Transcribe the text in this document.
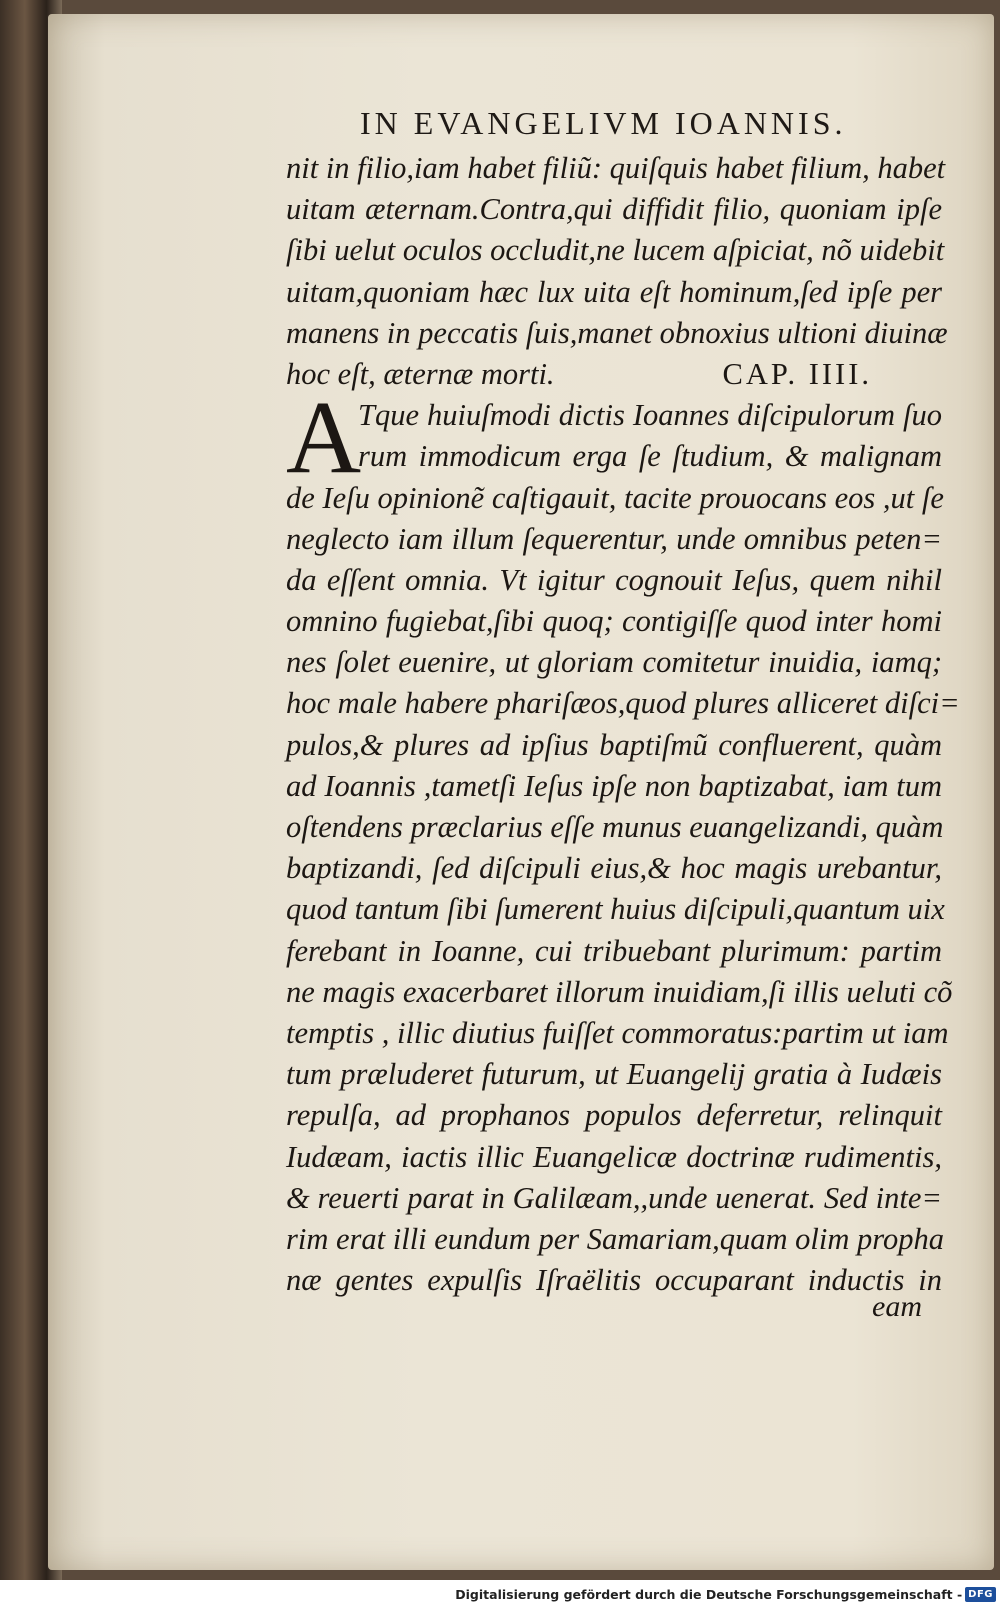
IN EVANGELIVM IOANNIS.
A
nit in filio,iam habet filiũ: quiſquis habet filium, habet
uitam æternam.Contra,qui diffidit filio, quoniam ipſe
ſibi uelut oculos occludit,ne lucem aſpiciat, nõ uidebit
uitam,quoniam hæc lux uita eſt hominum,ſed ipſe per
manens in peccatis ſuis,manet obnoxius ultioni diuinæ
hoc eſt, æternæ morti.	CAP. IIII.
Tque huiuſmodi dictis Ioannes diſcipulorum ſuo
rum immodicum erga ſe ſtudium, & malignam
de Ieſu opinionẽ caſtigauit, tacite prouocans eos ,ut ſe
neglecto iam illum ſequerentur, unde omnibus peten=
da eſſent omnia. Vt igitur cognouit Ieſus, quem nihil
omnino fugiebat,ſibi quoq; contigiſſe quod inter homi
nes ſolet euenire, ut gloriam comitetur inuidia, iamq;
hoc male habere phariſæos,quod plures alliceret diſci=
pulos,& plures ad ipſius baptiſmũ confluerent, quàm
ad Ioannis ,tametſi Ieſus ipſe non baptizabat, iam tum
oſtendens præclarius eſſe munus euangelizandi, quàm
baptizandi, ſed diſcipuli eius,& hoc magis urebantur,
quod tantum ſibi ſumerent huius diſcipuli,quantum uix
ferebant in Ioanne, cui tribuebant plurimum: partim
ne magis exacerbaret illorum inuidiam,ſi illis ueluti cõ
temptis , illic diutius fuiſſet commoratus:partim ut iam
tum præluderet futurum, ut Euangelij gratia à Iudæis
repulſa, ad prophanos populos deferretur, relinquit
Iudæam, iactis illic Euangelicæ doctrinæ rudimentis,
& reuerti parat in Galilæam,,unde uenerat. Sed inte=
rim erat illi eundum per Samariam,quam olim propha
næ gentes expulſis Iſraëlitis occuparant inductis in
eam
Digitalisierung gefördert durch die Deutsche Forschungsgemeinschaft - DFG
